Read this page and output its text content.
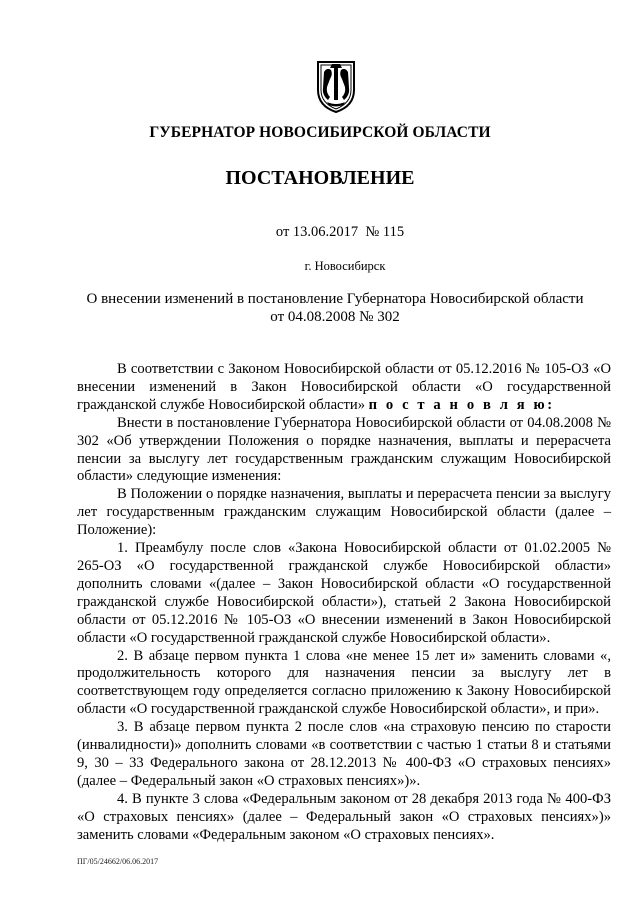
ГУБЕРНАТОР НОВОСИБИРСКОЙ ОБЛАСТИ
ПОСТАНОВЛЕНИЕ
от 13.06.2017  № 115
г. Новосибирск
О внесении изменений в постановление Губернатора Новосибирской области
от 04.08.2008 № 302

В соответствии с Законом Новосибирской области от 05.12.2016 № 105-ОЗ «О внесении изменений в Закон Новосибирской области «О государственной гражданской службе Новосибирской области» п о с т а н о в л я ю:

Внести в постановление Губернатора Новосибирской области от 04.08.2008 № 302 «Об утверждении Положения о порядке назначения, выплаты и перерасчета пенсии за выслугу лет государственным гражданским служащим Новосибирской области» следующие изменения:

В Положении о порядке назначения, выплаты и перерасчета пенсии за выслугу лет государственным гражданским служащим Новосибирской области (далее – Положение):

1. Преамбулу после слов «Закона Новосибирской области от 01.02.2005 № 265-ОЗ «О государственной гражданской службе Новосибирской области» дополнить словами «(далее – Закон Новосибирской области «О государственной гражданской службе Новосибирской области»), статьей 2 Закона Новосибирской области от 05.12.2016 № 105-ОЗ «О внесении изменений в Закон Новосибирской области «О государственной гражданской службе Новосибирской области».

2. В абзаце первом пункта 1 слова «не менее 15 лет и» заменить словами «, продолжительность которого для назначения пенсии за выслугу лет в соответствующем году определяется согласно приложению к Закону Новосибирской области «О государственной гражданской службе Новосибирской области», и при».

3. В абзаце первом пункта 2 после слов «на страховую пенсию по старости (инвалидности)» дополнить словами «в соответствии с частью 1 статьи 8 и статьями 9, 30 – 33 Федерального закона от 28.12.2013 № 400-ФЗ «О страховых пенсиях» (далее – Федеральный закон «О страховых пенсиях»)».

4. В пункте 3 слова «Федеральным законом от 28 декабря 2013 года № 400-ФЗ «О страховых пенсиях» (далее – Федеральный закон «О страховых пенсиях»)» заменить словами «Федеральным законом «О страховых пенсиях».

ПГ/05/24662/06.06.2017
